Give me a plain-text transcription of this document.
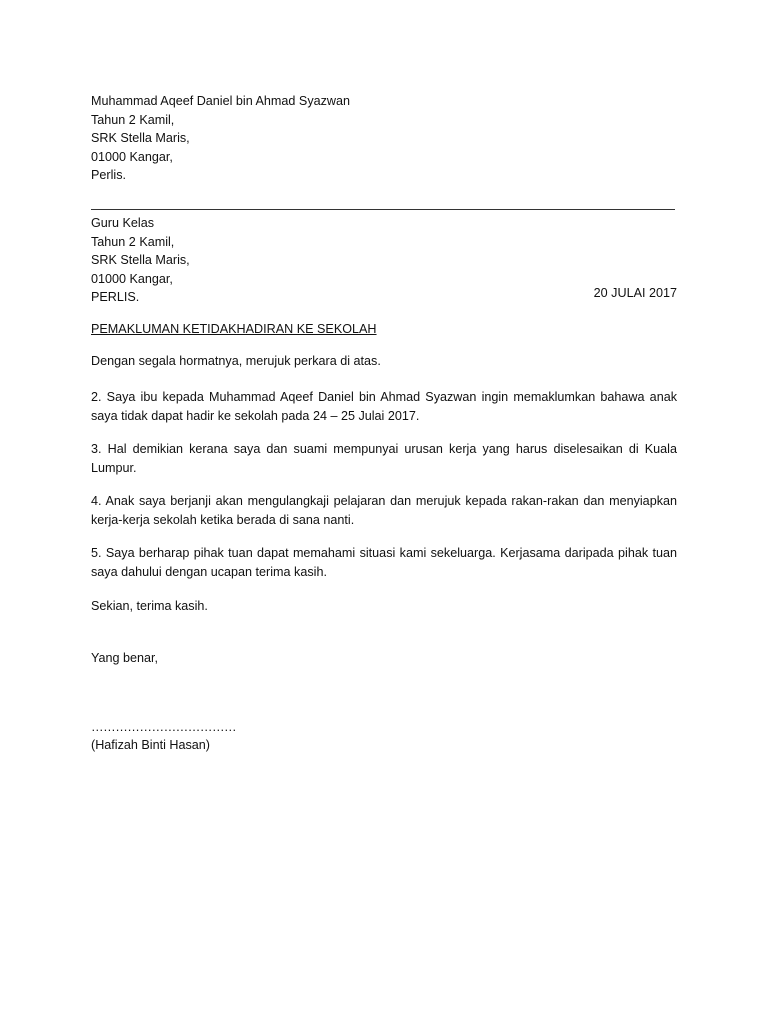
Muhammad Aqeef Daniel bin Ahmad Syazwan
Tahun 2 Kamil,
SRK Stella Maris,
01000 Kangar,
Perlis.
Guru Kelas
Tahun 2 Kamil,
SRK Stella Maris,
01000 Kangar,
PERLIS.	20 JULAI 2017
PEMAKLUMAN KETIDAKHADIRAN KE SEKOLAH
Dengan segala hormatnya, merujuk perkara di atas.
2. Saya ibu kepada Muhammad Aqeef Daniel bin Ahmad Syazwan ingin memaklumkan bahawa anak saya tidak dapat hadir ke sekolah pada 24 – 25 Julai 2017.
3. Hal demikian kerana saya dan suami mempunyai urusan kerja yang harus diselesaikan di Kuala Lumpur.
4. Anak saya berjanji akan mengulangkaji pelajaran dan merujuk kepada rakan-rakan dan menyiapkan kerja-kerja sekolah ketika berada di sana nanti.
5. Saya berharap pihak tuan dapat memahami situasi kami sekeluarga. Kerjasama daripada pihak tuan saya dahului dengan ucapan terima kasih.
Sekian, terima kasih.
Yang benar,
………………………………
(Hafizah Binti Hasan)
